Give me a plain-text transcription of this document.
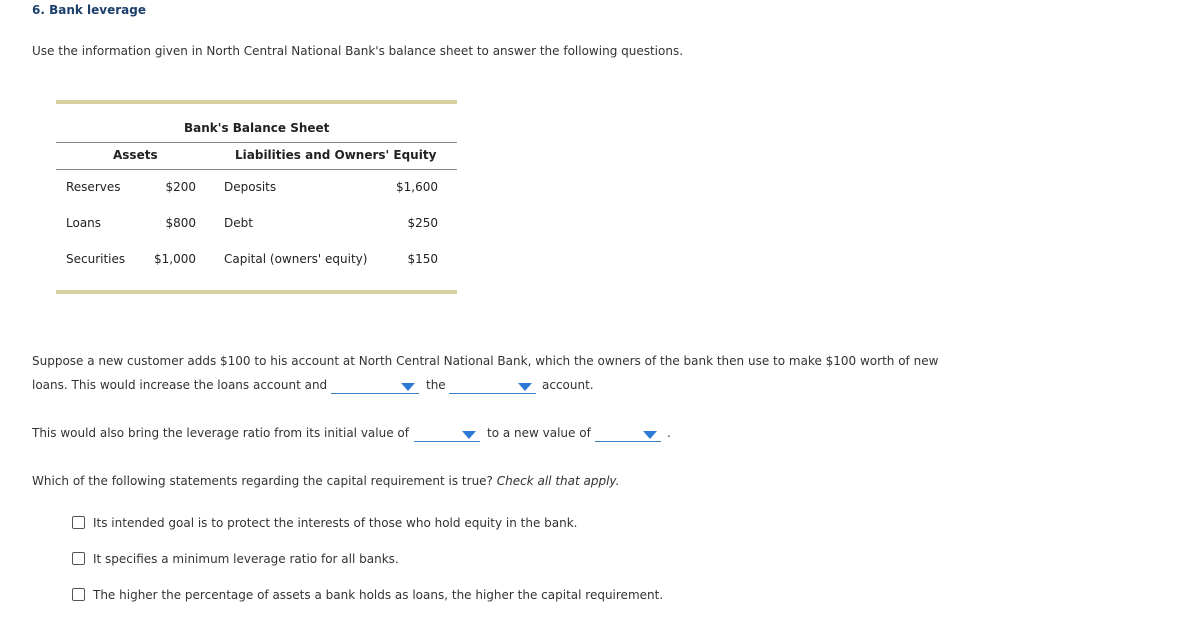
6. Bank leverage
Use the information given in North Central National Bank's balance sheet to answer the following questions.
Bank's Balance Sheet
Assets	Liabilities and Owners' Equity
Reserves	$200 Deposits	$1,600
Loans	$800 Debt	$250
Securities	$1,000 Capital (owners' equity)	$150
Suppose a new customer adds $100 to his account at North Central National Bank, which the owners of the bank then use to make $100 worth of new
loans. This would increase the loans account and	the	account.
This would also bring the leverage ratio from its initial value of	to a new value of	.
Which of the following statements regarding the capital requirement is true? Check all that apply.
Its intended goal is to protect the interests of those who hold equity in the bank.
It specifies a minimum leverage ratio for all banks.
The higher the percentage of assets a bank holds as loans, the higher the capital requirement.
